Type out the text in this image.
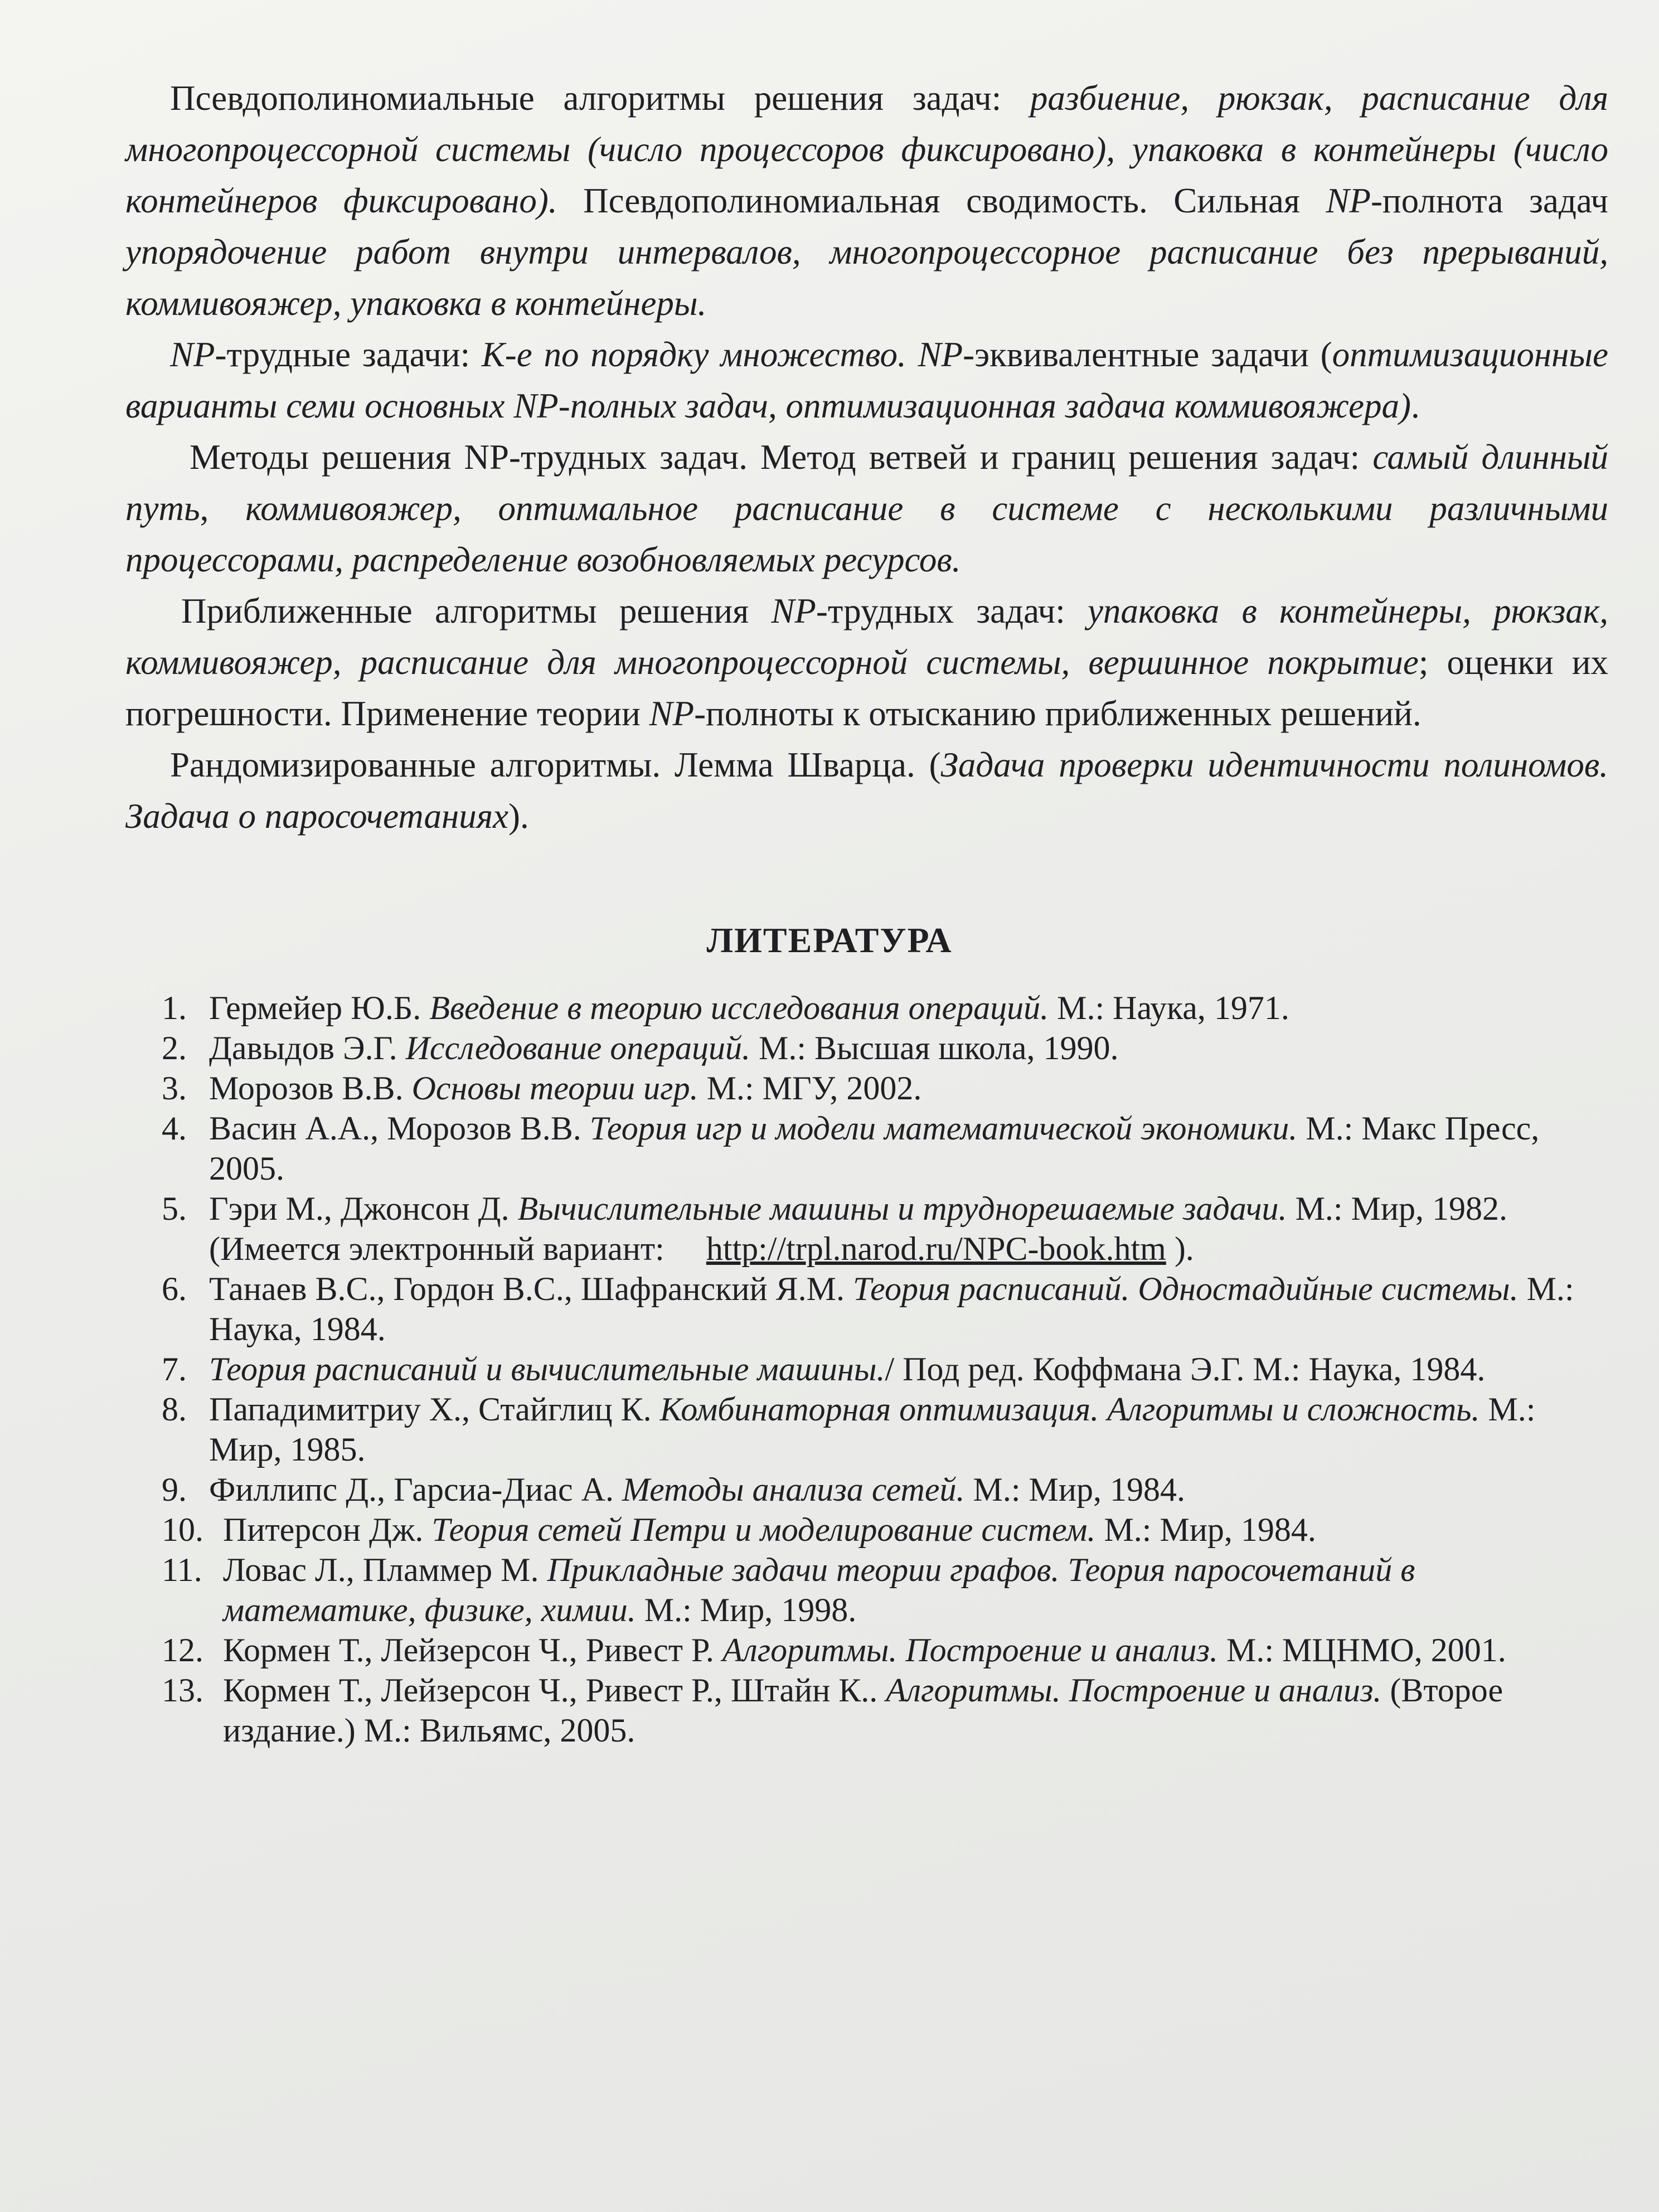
Псевдополиномиальные алгоритмы решения задач: разбиение, рюкзак, расписание для многопроцессорной системы (число процессоров фиксировано), упаковка в контейнеры (число контейнеров фиксировано). Псевдополиномиальная сводимость. Сильная NP-полнота задач упорядочение работ внутри интервалов, многопроцессорное расписание без прерываний, коммивояжер, упаковка в контейнеры.

NP-трудные задачи: К-е по порядку множество. NP-эквивалентные задачи (оптимизационные варианты семи основных NP-полных задач, оптимизационная задача коммивояжера).

Методы решения NP-трудных задач. Метод ветвей и границ решения задач: самый длинный путь, коммивояжер, оптимальное расписание в системе с несколькими различными процессорами, распределение возобновляемых ресурсов.

Приближенные алгоритмы решения NP-трудных задач: упаковка в контейнеры, рюкзак, коммивояжер, расписание для многопроцессорной системы, вершинное покрытие; оценки их погрешности. Применение теории NP-полноты к отысканию приближенных решений.

Рандомизированные алгоритмы. Лемма Шварца. (Задача проверки идентичности полиномов. Задача о паросочетаниях).

ЛИТЕРАТУРА
1. Гермейер Ю.Б. Введение в теорию исследования операций. М.: Наука, 1971.
2. Давыдов Э.Г. Исследование операций. М.: Высшая школа, 1990.
3. Морозов В.В. Основы теории игр. М.: МГУ, 2002.
4. Васин А.А., Морозов В.В. Теория игр и модели математической экономики. М.: Макс Пресс, 2005.
5. Гэри М., Джонсон Д. Вычислительные машины и труднорешаемые задачи. М.: Мир, 1982. (Имеется электронный вариант: http://trpl.narod.ru/NPC-book.htm ).
6. Танаев В.С., Гордон В.С., Шафранский Я.М. Теория расписаний. Одностадийные системы. М.: Наука, 1984.
7. Теория расписаний и вычислительные машины./ Под ред. Коффмана Э.Г. М.: Наука, 1984.
8. Пападимитриу Х., Стайглиц К. Комбинаторная оптимизация. Алгоритмы и сложность. М.: Мир, 1985.
9. Филлипс Д., Гарсиа-Диас А. Методы анализа сетей. М.: Мир, 1984.
10. Питерсон Дж. Теория сетей Петри и моделирование систем. М.: Мир, 1984.
11. Ловас Л., Пламмер М. Прикладные задачи теории графов. Теория паросочетаний в математике, физике, химии. М.: Мир, 1998.
12. Кормен Т., Лейзерсон Ч., Ривест Р. Алгоритмы. Построение и анализ. М.: МЦНМО, 2001.
13. Кормен Т., Лейзерсон Ч., Ривест Р., Штайн К.. Алгоритмы. Построение и анализ. (Второе издание.) М.: Вильямс, 2005.
